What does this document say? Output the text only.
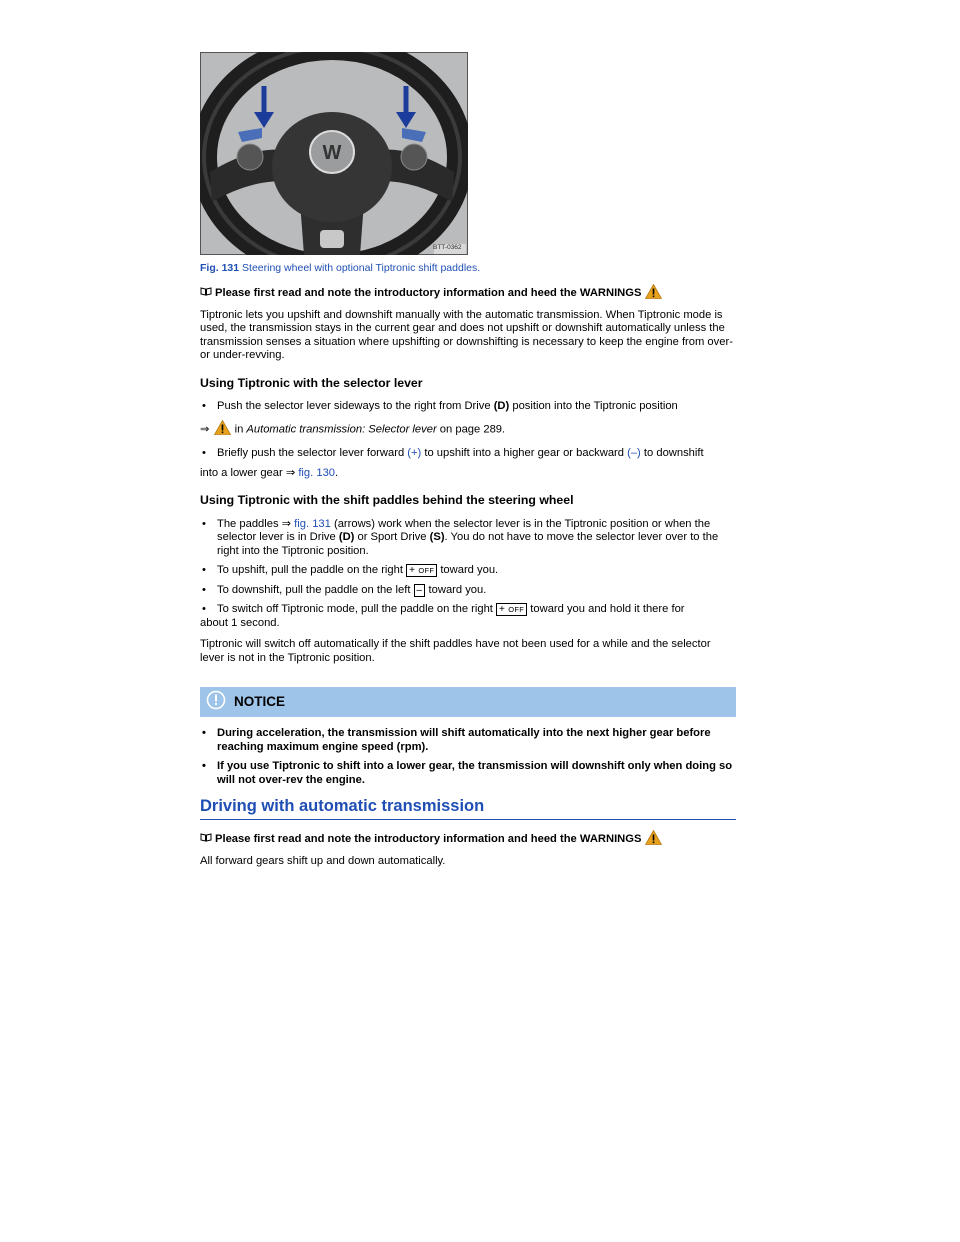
W
BTT-0362
Fig. 131 Steering wheel with optional Tiptronic shift paddles.
Please first read and note the introductory information and heed the WARNINGS

Tiptronic lets you upshift and downshift manually with the automatic transmission. When Tiptronic mode is used, the transmission stays in the current gear and does not upshift or downshift automatically unless the transmission senses a situation where upshifting or downshifting is necessary to keep the engine from over- or under-revving.

Using Tiptronic with the selector lever
• Push the selector lever sideways to the right from Drive (D) position into the Tiptronic position
⇒  in Automatic transmission: Selector lever on page 289.
• Briefly push the selector lever forward (+) to upshift into a higher gear or backward (–) to downshift
into a lower gear ⇒ fig. 130.
Using Tiptronic with the shift paddles behind the steering wheel
• The paddles ⇒ fig. 131 (arrows) work when the selector lever is in the Tiptronic position or when the selector lever is in Drive (D) or Sport Drive (S). You do not have to move the selector lever over to the right into the Tiptronic position.
• To upshift, pull the paddle on the right + OFF toward you.
• To downshift, pull the paddle on the left – toward you.
• To switch off Tiptronic mode, pull the paddle on the right + OFF toward you and hold it there for
about 1 second.

Tiptronic will switch off automatically if the shift paddles have not been used for a while and the selector lever is not in the Tiptronic position.

NOTICE
• During acceleration, the transmission will shift automatically into the next higher gear before reaching maximum engine speed (rpm).
• If you use Tiptronic to shift into a lower gear, the transmission will downshift only when doing so will not over-rev the engine.
Driving with automatic transmission
Please first read and note the introductory information and heed the WARNINGS

All forward gears shift up and down automatically.
